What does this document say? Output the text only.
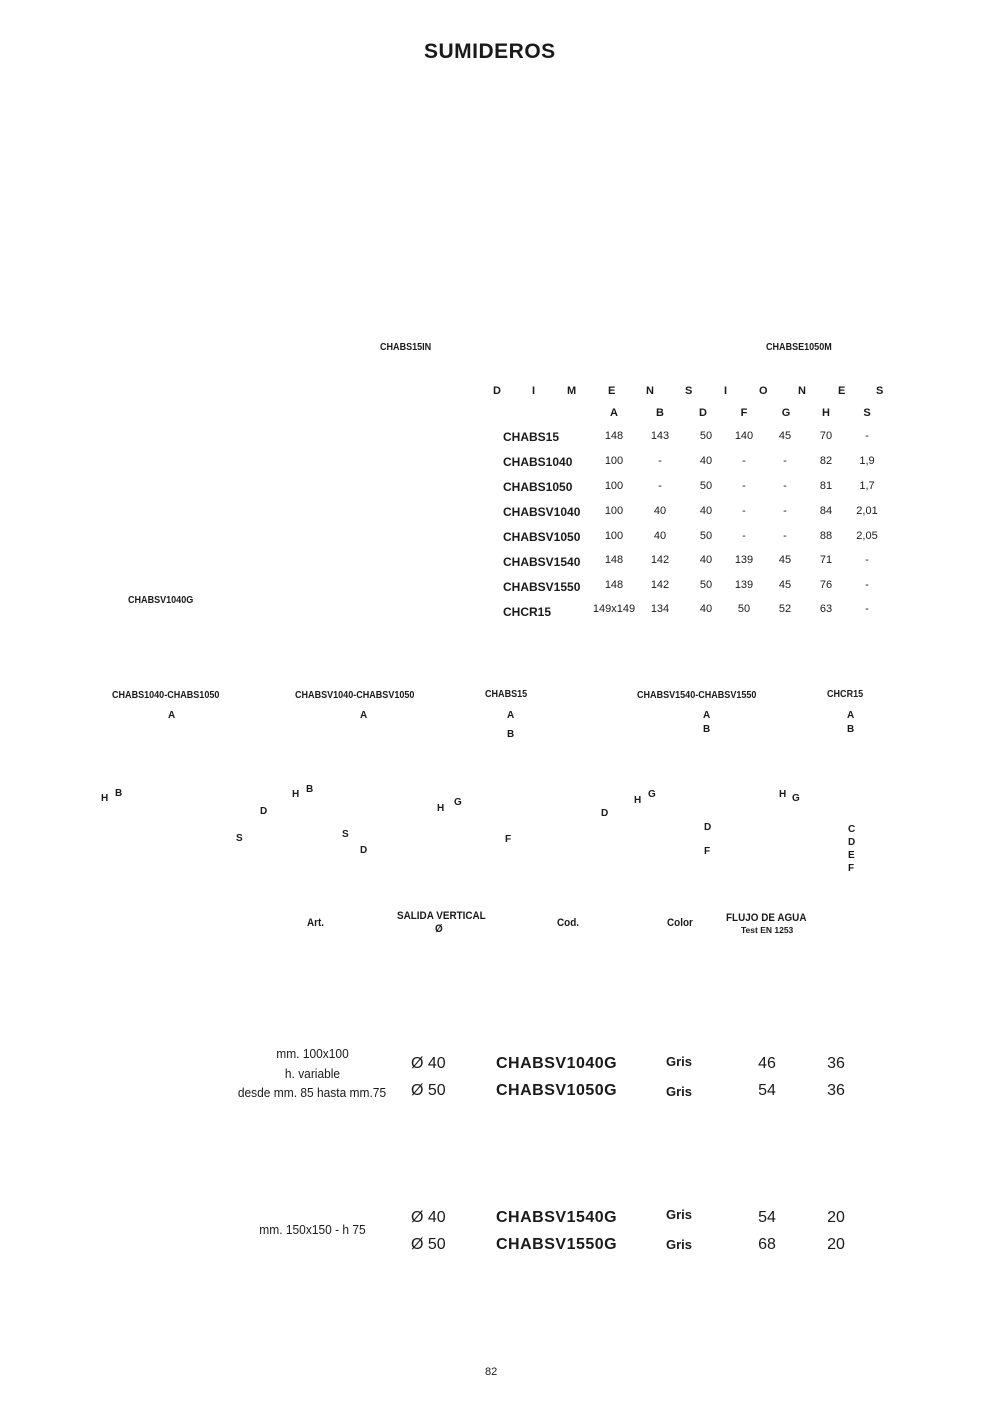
SUMIDEROS
CHABS15IN	CHABSE1050M
CHABSV1040G
D	I	M	E	N	S	I	O	N	E	S
A	B	D	F	G	H	S
CHABS15	148	143	50	140	45	70	-
CHABS1040	100	-	40	-	-	82	1,9
CHABS1050	100	-	50	-	-	81	1,7
CHABSV1040	100	40	40	-	-	84	2,01
CHABSV1050	100	40	50	-	-	88	2,05
CHABSV1540	148	142	40	139	45	71	-
CHABSV1550	148	142	50	139	45	76	-
CHCR15	149x149	134	40	50	52	63	-
CHABS1040-CHABS1050
A
H B
D
S
CHABSV1040-CHABSV1050
A
H B
S
D
CHABS15
A
B
H
G
D
F
CHABSV1540-CHABSV1550
A
B
H
G
D
F
CHCR15
A
B
H G
C
D
E
F
Art.
SALIDA VERTICAL
Ø	Cod.	Color	FLUJO DE AGUA
Test EN 1253
mm. 100x100
h. variable
desde mm. 85 hasta mm.75
Ø 40	CHABSV1040G	Gris	46	36
Ø 50	CHABSV1050G	Gris	54	36
mm. 150x150 - h 75
Ø 40	CHABSV1540G	Gris	54	20
Ø 50	CHABSV1550G	Gris	68	20
82
